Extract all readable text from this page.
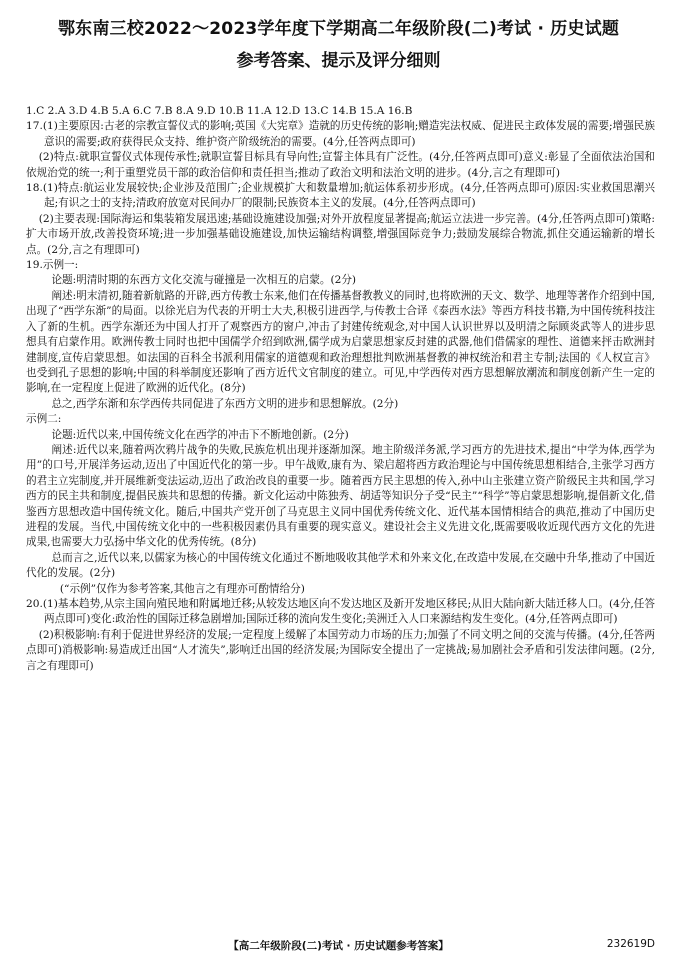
鄂东南三校2022～2023学年度下学期高二年级阶段(二)考试 · 历史试题
参考答案、提示及评分细则

1.C 2.A 3.D 4.B 5.A 6.C 7.B 8.A 9.D 10.B 11.A 12.D 13.C 14.B 15.A 16.B

17.(1)主要原因:古老的宗教宣誓仪式的影响;英国《大宪章》造就的历史传统的影响;赠造宪法权威、促进民主政体发展的需要;增强民族意识的需要;政府获得民众支持、维护资产阶级统治的需要。(4分,任答两点即可)

(2)特点:就职宣誓仪式体现传承性;就职宣誓目标具有导向性;宣誓主体具有广泛性。(4分,任答两点即可)意义:彰显了全面依法治国和依规治党的统一;利于重塑党员干部的政治信仰和责任担当;推动了政治文明和法治文明的进步。(4分,言之有理即可)

18.(1)特点:航运业发展较快;企业涉及范围广;企业规模扩大和数量增加;航运体系初步形成。(4分,任答两点即可)原因:实业救国思潮兴起;有识之士的支持;清政府放宽对民间办厂的限制;民族资本主义的发展。(4分,任答两点即可)

(2)主要表现:国际海运和集装箱发展迅速;基础设施建设加强;对外开放程度显著提高;航运立法进一步完善。(4分,任答两点即可)策略:扩大市场开放,改善投资环境;进一步加强基础设施建设,加快运输结构调整,增强国际竞争力;鼓励发展综合物流,抓住交通运输新的增长点。(2分,言之有理即可)

19.示例一:

论题:明清时期的东西方文化交流与碰撞是一次相互的启蒙。(2分)

阐述:明末清初,随着新航路的开辟,西方传教士东来,他们在传播基督教教义的同时,也将欧洲的天文、数学、地理等著作介绍到中国,出现了“西学东渐”的局面。以徐光启为代表的开明士大夫,积极引进西学,与传教士合译《泰西水法》等西方科技书籍,为中国传统科技注入了新的生机。西学东渐还为中国人打开了观察西方的窗户,冲击了封建传统观念,对中国人认识世界以及明清之际顾炎武等人的进步思想具有启蒙作用。欧洲传教士同时也把中国儒学介绍到欧洲,儒学成为启蒙思想家反封建的武器,他们借儒家的理性、道德来抨击欧洲封建制度,宣传启蒙思想。如法国的百科全书派利用儒家的道德观和政治理想批判欧洲基督教的神权统治和君主专制;法国的《人权宣言》也受到孔子思想的影响;中国的科举制度还影响了西方近代文官制度的建立。可见,中学西传对西方思想解放潮流和制度创新产生一定的影响,在一定程度上促进了欧洲的近代化。(8分)

总之,西学东渐和东学西传共同促进了东西方文明的进步和思想解放。(2分)

示例二:

论题:近代以来,中国传统文化在西学的冲击下不断地创新。(2分)

阐述:近代以来,随着两次鸦片战争的失败,民族危机出现并逐渐加深。地主阶级洋务派,学习西方的先进技术,提出“中学为体,西学为用”的口号,开展洋务运动,迈出了中国近代化的第一步。甲午战败,康有为、梁启超将西方政治理论与中国传统思想相结合,主张学习西方的君主立宪制度,并开展维新变法运动,迈出了政治改良的重要一步。随着西方民主思想的传入,孙中山主张建立资产阶级民主共和国,学习西方的民主共和制度,提倡民族共和思想的传播。新文化运动中陈独秀、胡适等知识分子受“民主”“科学”等启蒙思想影响,提倡新文化,借鉴西方思想改造中国传统文化。随后,中国共产党开创了马克思主义同中国优秀传统文化、近代基本国情相结合的典范,推动了中国历史进程的发展。当代,中国传统文化中的一些积极因素仍具有重要的现实意义。建设社会主义先进文化,既需要吸收近现代西方文化的先进成果,也需要大力弘扬中华文化的优秀传统。(8分)

总而言之,近代以来,以儒家为核心的中国传统文化通过不断地吸收其他学术和外来文化,在改造中发展,在交融中升华,推动了中国近代化的发展。(2分)

(“示例”仅作为参考答案,其他言之有理亦可酌情给分)

20.(1)基本趋势,从宗主国向殖民地和附属地迁移;从较发达地区向不发达地区及新开发地区移民;从旧大陆向新大陆迁移人口。(4分,任答两点即可)变化:政治性的国际迁移急剧增加;国际迁移的流向发生变化;美洲迁入人口来源结构发生变化。(4分,任答两点即可)

(2)积极影响:有利于促进世界经济的发展;一定程度上缓解了本国劳动力市场的压力;加强了不同文明之间的交流与传播。(4分,任答两点即可)消极影响:易造成迁出国“人才流失”,影响迁出国的经济发展;为国际安全提出了一定挑战;易加剧社会矛盾和引发法律问题。(2分,言之有理即可)

【高二年级阶段(二)考试 · 历史试题参考答案】	232619D
